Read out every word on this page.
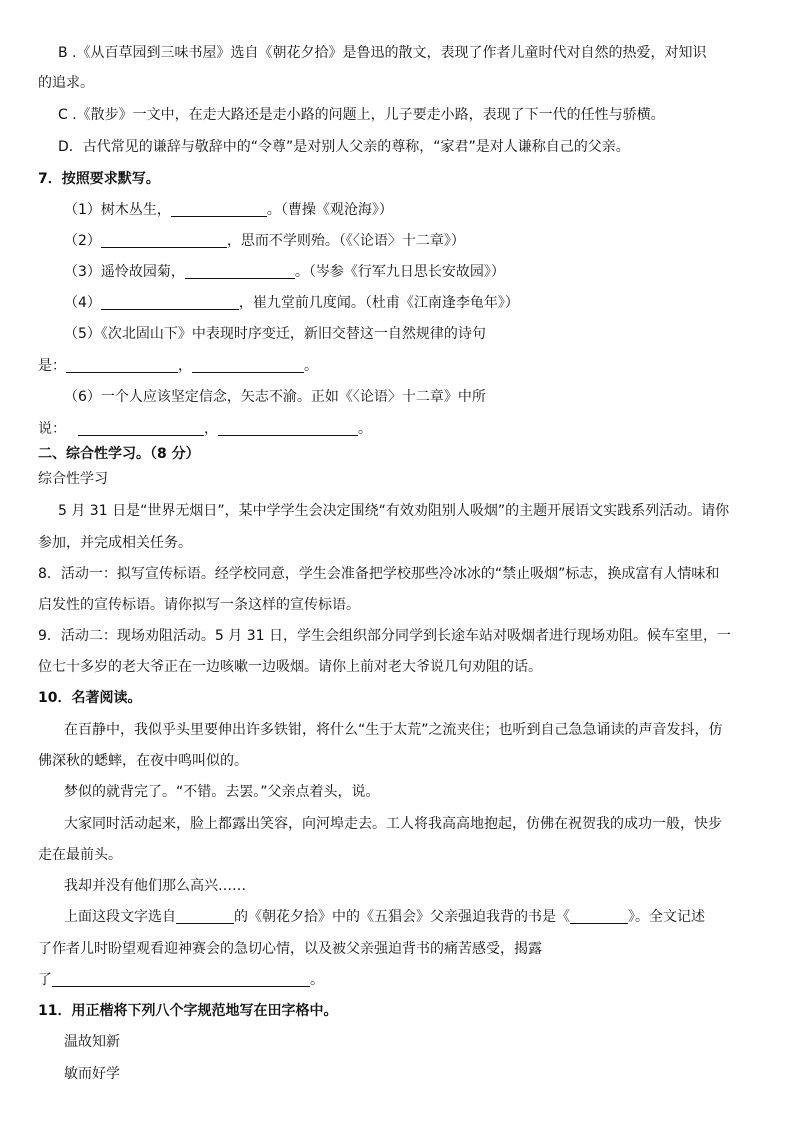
B .《从百草园到三味书屋》选自《朝花夕拾》是鲁迅的散文，表现了作者儿童时代对自然的热爱，对知识
的追求。
C .《散步》一文中，在走大路还是走小路的问题上，儿子要走小路，表现了下一代的任性与骄横。
D．古代常见的谦辞与敬辞中的“令尊”是对别人父亲的尊称，“家君”是对人谦称自己的父亲。
7．按照要求默写。
（1）树木丛生，	。（曹操《观沧海》）
（2）	，思而不学则殆。（《〈论语〉十二章》）
（3）遥怜故园菊，	。（岑参《行军九日思长安故园》）
（4）	，崔九堂前几度闻。（杜甫《江南逢李龟年》）
（5）《次北固山下》中表现时序变迁，新旧交替这一自然规律的诗句
是：	，	。
（6）一个人应该坚定信念，矢志不渝。正如《〈论语〉十二章》中所
说：	，	。
二、综合性学习。（8 分）
综合性学习
5 月 31 日是“世界无烟日”，某中学学生会决定围绕“有效劝阻别人吸烟”的主题开展语文实践系列活动。请你
参加，并完成相关任务。
8．活动一：拟写宣传标语。经学校同意，学生会准备把学校那些冷冰冰的“禁止吸烟”标志，换成富有人情味和
启发性的宣传标语。请你拟写一条这样的宣传标语。
9．活动二：现场劝阻活动。5 月 31 日，学生会组织部分同学到长途车站对吸烟者进行现场劝阻。候车室里，一
位七十多岁的老大爷正在一边咳嗽一边吸烟。请你上前对老大爷说几句劝阻的话。
10．名著阅读。
在百静中，我似乎头里要伸出许多铁钳，将什么“生于太荒”之流夹住；也听到自己急急诵读的声音发抖，仿
佛深秋的蟋蟀，在夜中鸣叫似的。
梦似的就背完了。“不错。去罢。”父亲点着头，说。
大家同时活动起来，脸上都露出笑容，向河埠走去。工人将我高高地抱起，仿佛在祝贺我的成功一般，快步
走在最前头。
我却并没有他们那么高兴……
上面这段文字选自	的《朝花夕拾》中的《五猖会》父亲强迫我背的书是《	》。全文记述
了作者儿时盼望观看迎神赛会的急切心情，以及被父亲强迫背书的痛苦感受，揭露
了	。
11．用正楷将下列八个字规范地写在田字格中。
温故知新
敏而好学
